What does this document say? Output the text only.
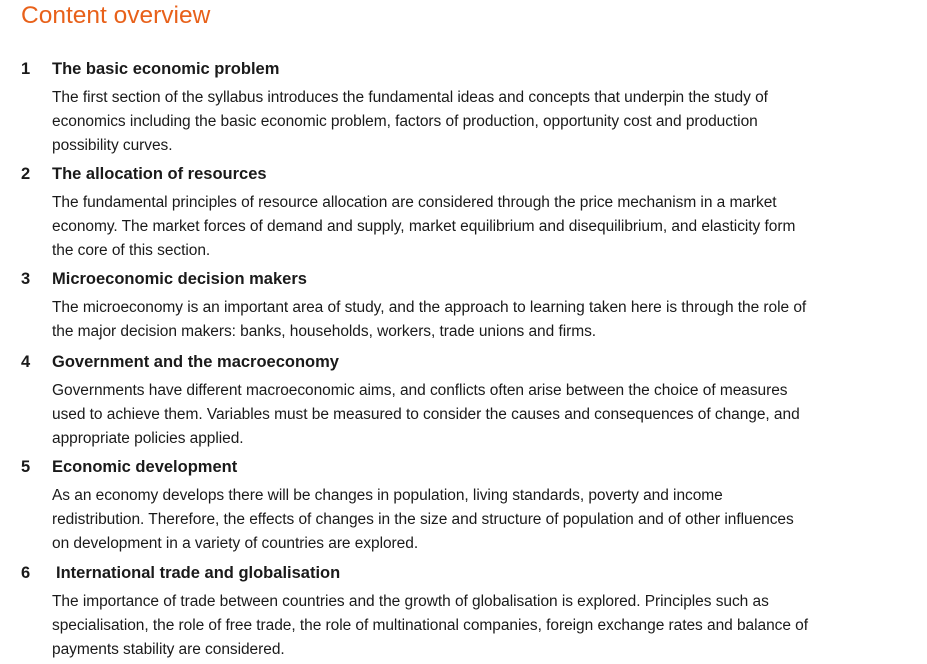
Content overview
1 The basic economic problem
The first section of the syllabus introduces the fundamental ideas and concepts that underpin the study of
economics including the basic economic problem, factors of production, opportunity cost and production
possibility curves.
2 The allocation of resources
The fundamental principles of resource allocation are considered through the price mechanism in a market
economy. The market forces of demand and supply, market equilibrium and disequilibrium, and elasticity form
the core of this section.
3 Microeconomic decision makers
The microeconomy is an important area of study, and the approach to learning taken here is through the role of
the major decision makers: banks, households, workers, trade unions and firms.
4 Government and the macroeconomy
Governments have different macroeconomic aims, and conflicts often arise between the choice of measures
used to achieve them. Variables must be measured to consider the causes and consequences of change, and
appropriate policies applied.
5 Economic development
As an economy develops there will be changes in population, living standards, poverty and income
redistribution. Therefore, the effects of changes in the size and structure of population and of other influences
on development in a variety of countries are explored.
6 International trade and globalisation
The importance of trade between countries and the growth of globalisation is explored. Principles such as
specialisation, the role of free trade, the role of multinational companies, foreign exchange rates and balance of
payments stability are considered.
